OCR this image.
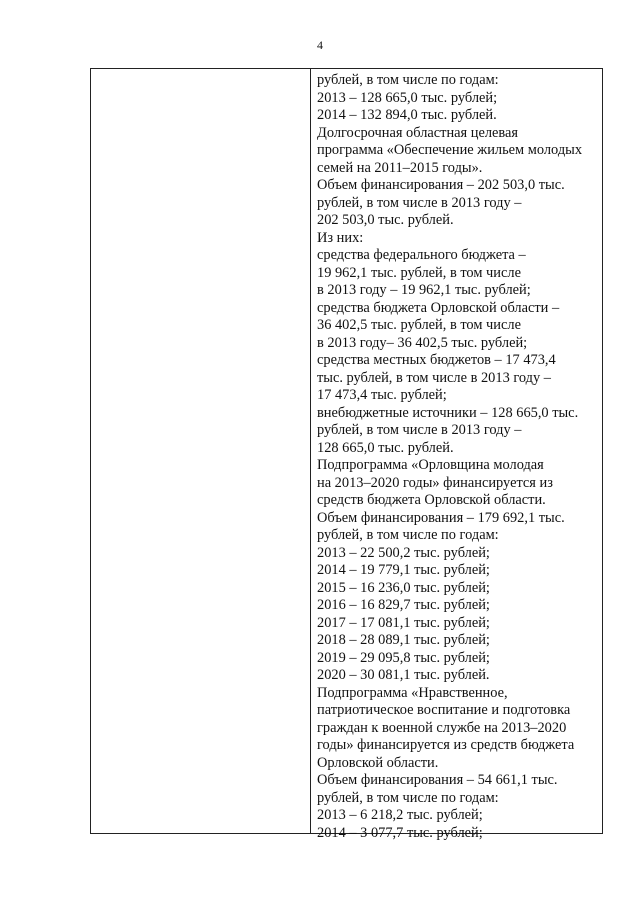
4
рублей, в том числе по годам:
2013 – 128 665,0 тыс. рублей;
2014 – 132 894,0 тыс. рублей.
Долгосрочная областная целевая
программа «Обеспечение жильем молодых
семей на 2011–2015 годы».
Объем финансирования – 202 503,0 тыс.
рублей, в том числе в 2013 году –
202 503,0 тыс. рублей.
Из них:
средства федерального бюджета –
19 962,1 тыс. рублей, в том числе
в 2013 году – 19 962,1 тыс. рублей;
средства бюджета Орловской области –
36 402,5 тыс. рублей, в том числе
в 2013 году– 36 402,5 тыс. рублей;
средства местных бюджетов – 17 473,4
тыс. рублей, в том числе в 2013 году –
17 473,4 тыс. рублей;
внебюджетные источники – 128 665,0 тыс.
рублей, в том числе в 2013 году –
128 665,0 тыс. рублей.
Подпрограмма «Орловщина молодая
на 2013–2020 годы» финансируется из
средств бюджета Орловской области.
Объем финансирования – 179 692,1 тыс.
рублей, в том числе по годам:
2013 – 22 500,2 тыс. рублей;
2014 – 19 779,1 тыс. рублей;
2015 – 16 236,0 тыс. рублей;
2016 – 16 829,7 тыс. рублей;
2017 – 17 081,1 тыс. рублей;
2018 – 28 089,1 тыс. рублей;
2019 – 29 095,8 тыс. рублей;
2020 – 30 081,1 тыс. рублей.
Подпрограмма «Нравственное,
патриотическое воспитание и подготовка
граждан к военной службе на 2013–2020
годы» финансируется из средств бюджета
Орловской области.
Объем финансирования – 54 661,1 тыс.
рублей, в том числе по годам:
2013 – 6 218,2 тыс. рублей;
2014 – 3 077,7 тыс. рублей;
